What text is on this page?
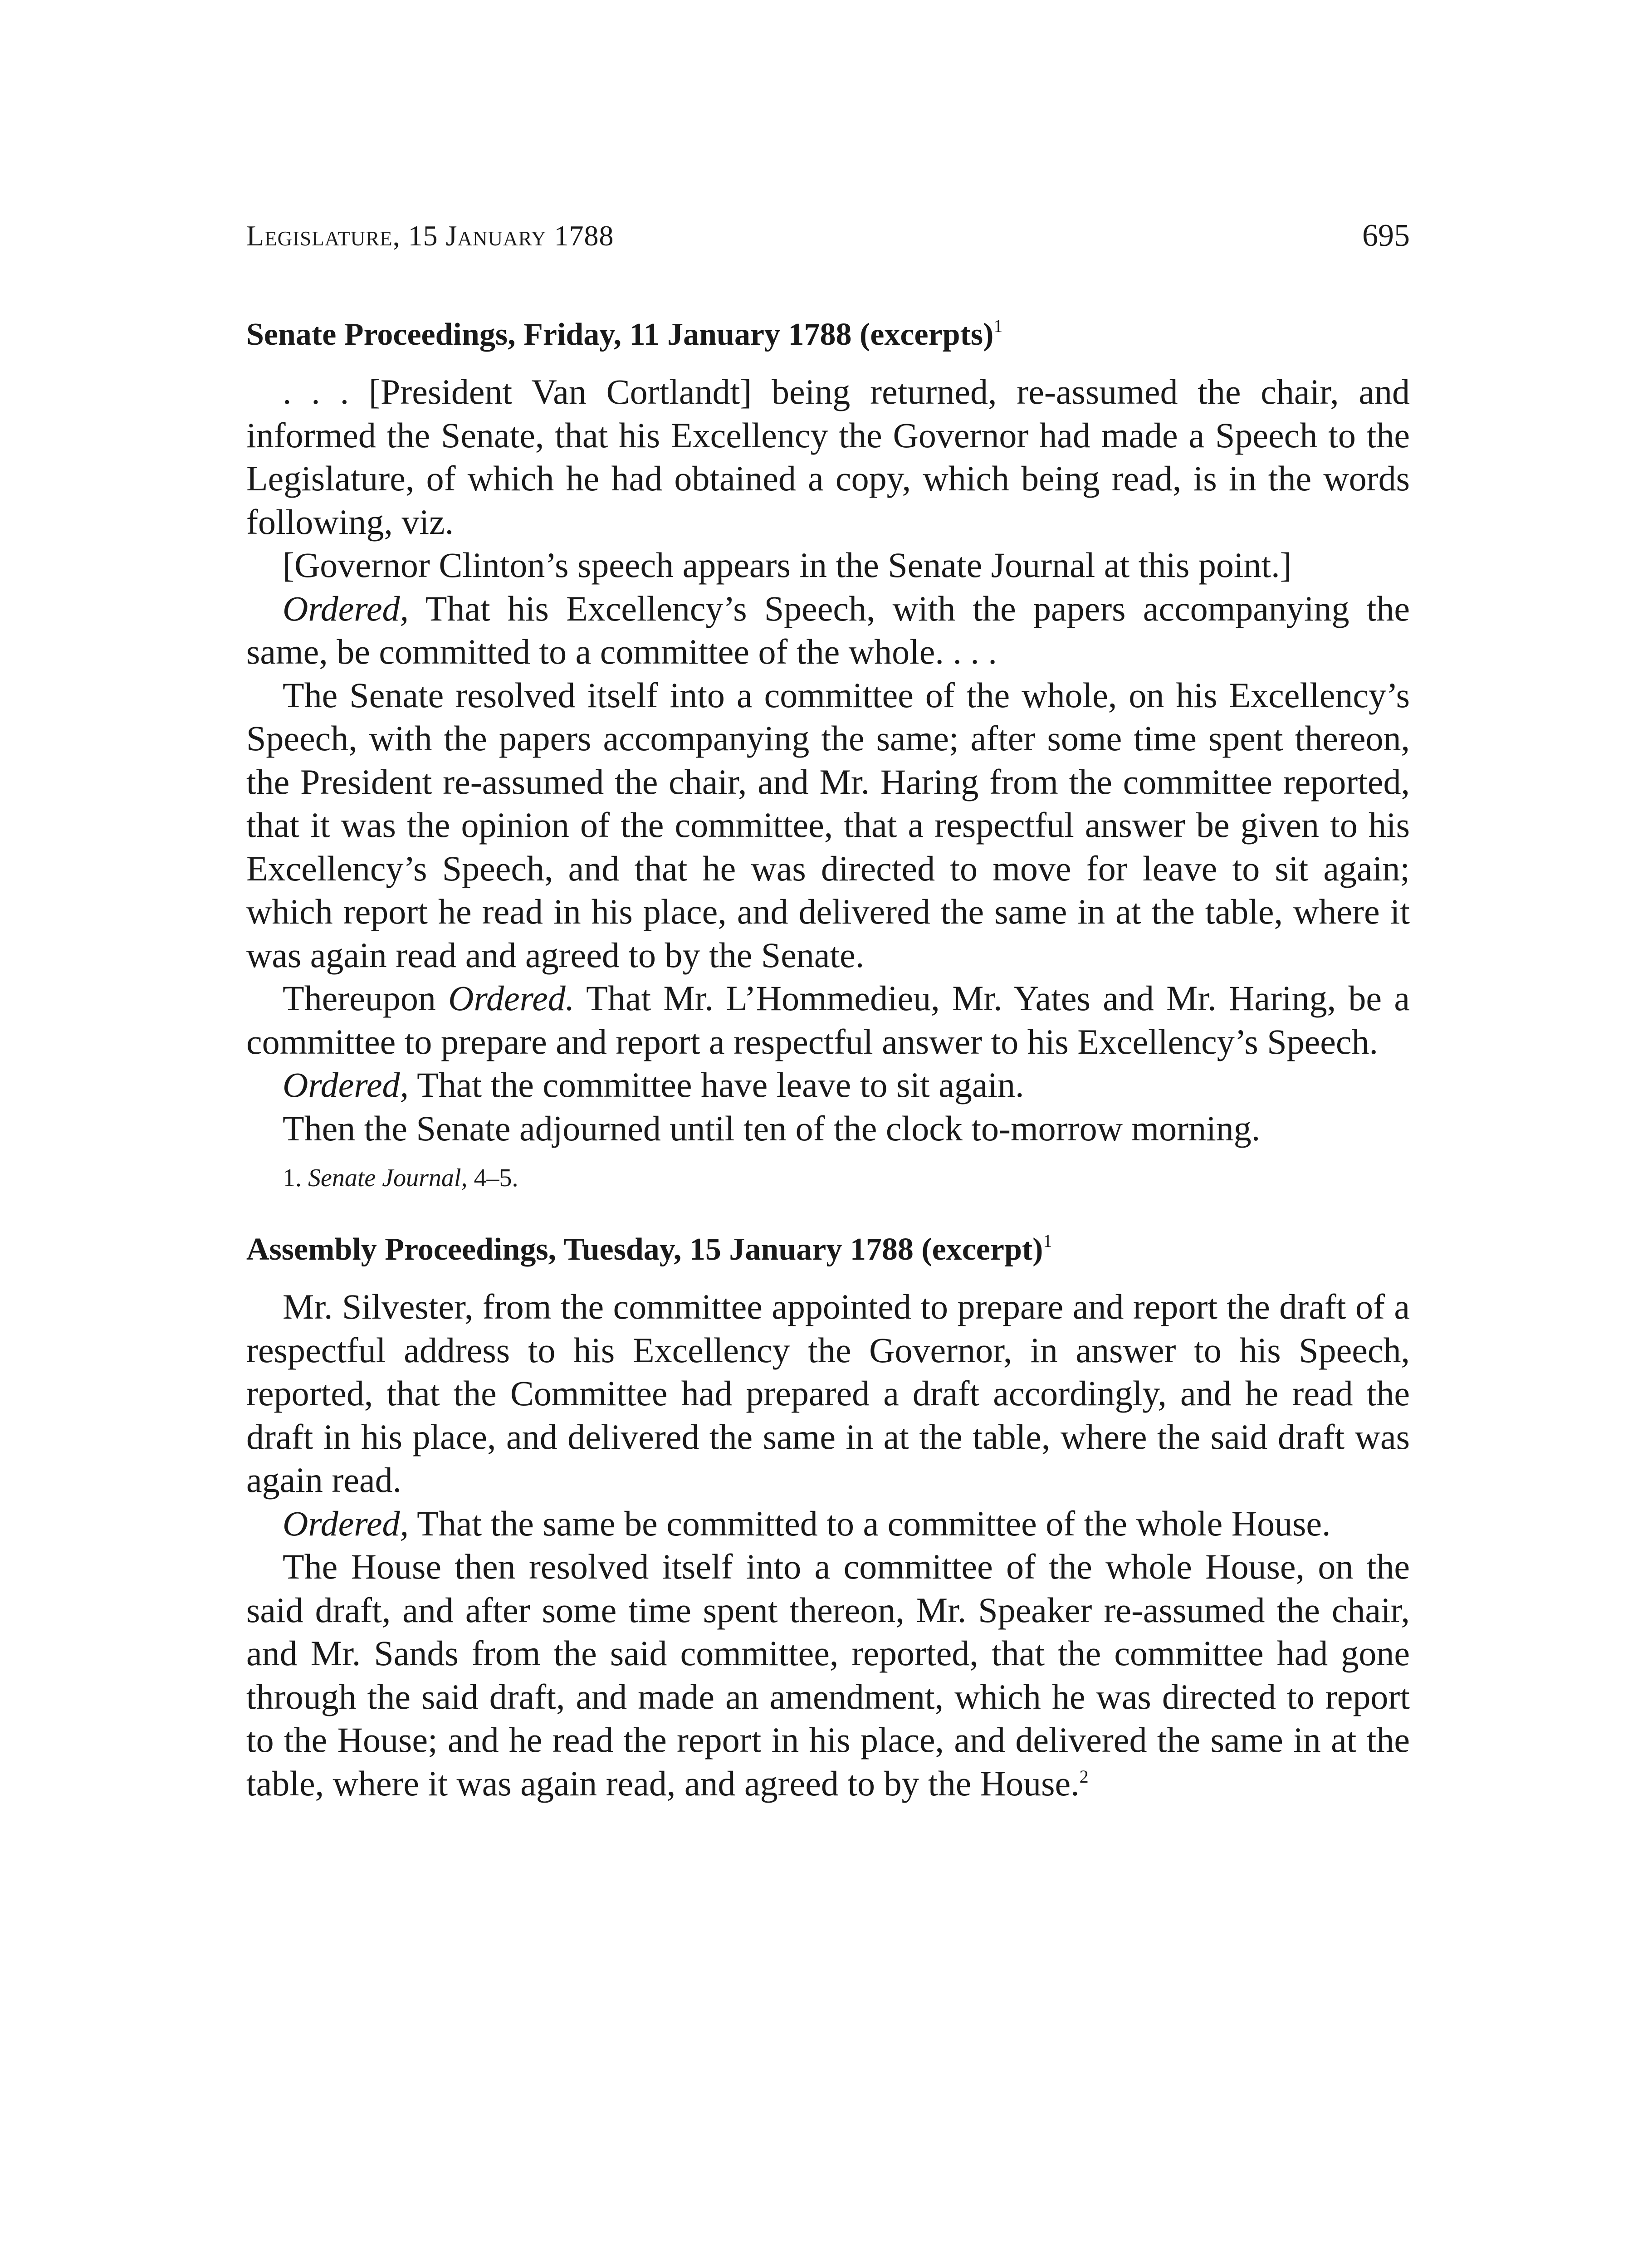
Legislature, 15 January 1788	695
Senate Proceedings, Friday, 11 January 1788 (excerpts)$^1$

. . . [President Van Cortlandt] being returned, re-assumed the chair, and informed the Senate, that his Excellency the Governor had made a Speech to the Legislature, of which he had obtained a copy, which being read, is in the words following, viz.

[Governor Clinton’s speech appears in the Senate Journal at this point.]

Ordered, That his Excellency’s Speech, with the papers accompanying the same, be committed to a committee of the whole. . . .

The Senate resolved itself into a committee of the whole, on his Excellency’s Speech, with the papers accompanying the same; after some time spent thereon, the President re-assumed the chair, and Mr. Haring from the committee reported, that it was the opinion of the committee, that a respectful answer be given to his Excellency’s Speech, and that he was directed to move for leave to sit again; which report he read in his place, and delivered the same in at the table, where it was again read and agreed to by the Senate.

Thereupon Ordered. That Mr. L’Hommedieu, Mr. Yates and Mr. Haring, be a committee to prepare and report a respectful answer to his Excellency’s Speech.

Ordered, That the committee have leave to sit again.

Then the Senate adjourned until ten of the clock to-morrow morning.

1. Senate Journal, 4–5.

Assembly Proceedings, Tuesday, 15 January 1788 (excerpt)$^1$

Mr. Silvester, from the committee appointed to prepare and report the draft of a respectful address to his Excellency the Governor, in answer to his Speech, reported, that the Committee had prepared a draft accordingly, and he read the draft in his place, and delivered the same in at the table, where the said draft was again read.

Ordered, That the same be committed to a committee of the whole House.

The House then resolved itself into a committee of the whole House, on the said draft, and after some time spent thereon, Mr. Speaker re-assumed the chair, and Mr. Sands from the said committee, reported, that the committee had gone through the said draft, and made an amendment, which he was directed to report to the House; and he read the report in his place, and delivered the same in at the table, where it was again read, and agreed to by the House.$^2$
